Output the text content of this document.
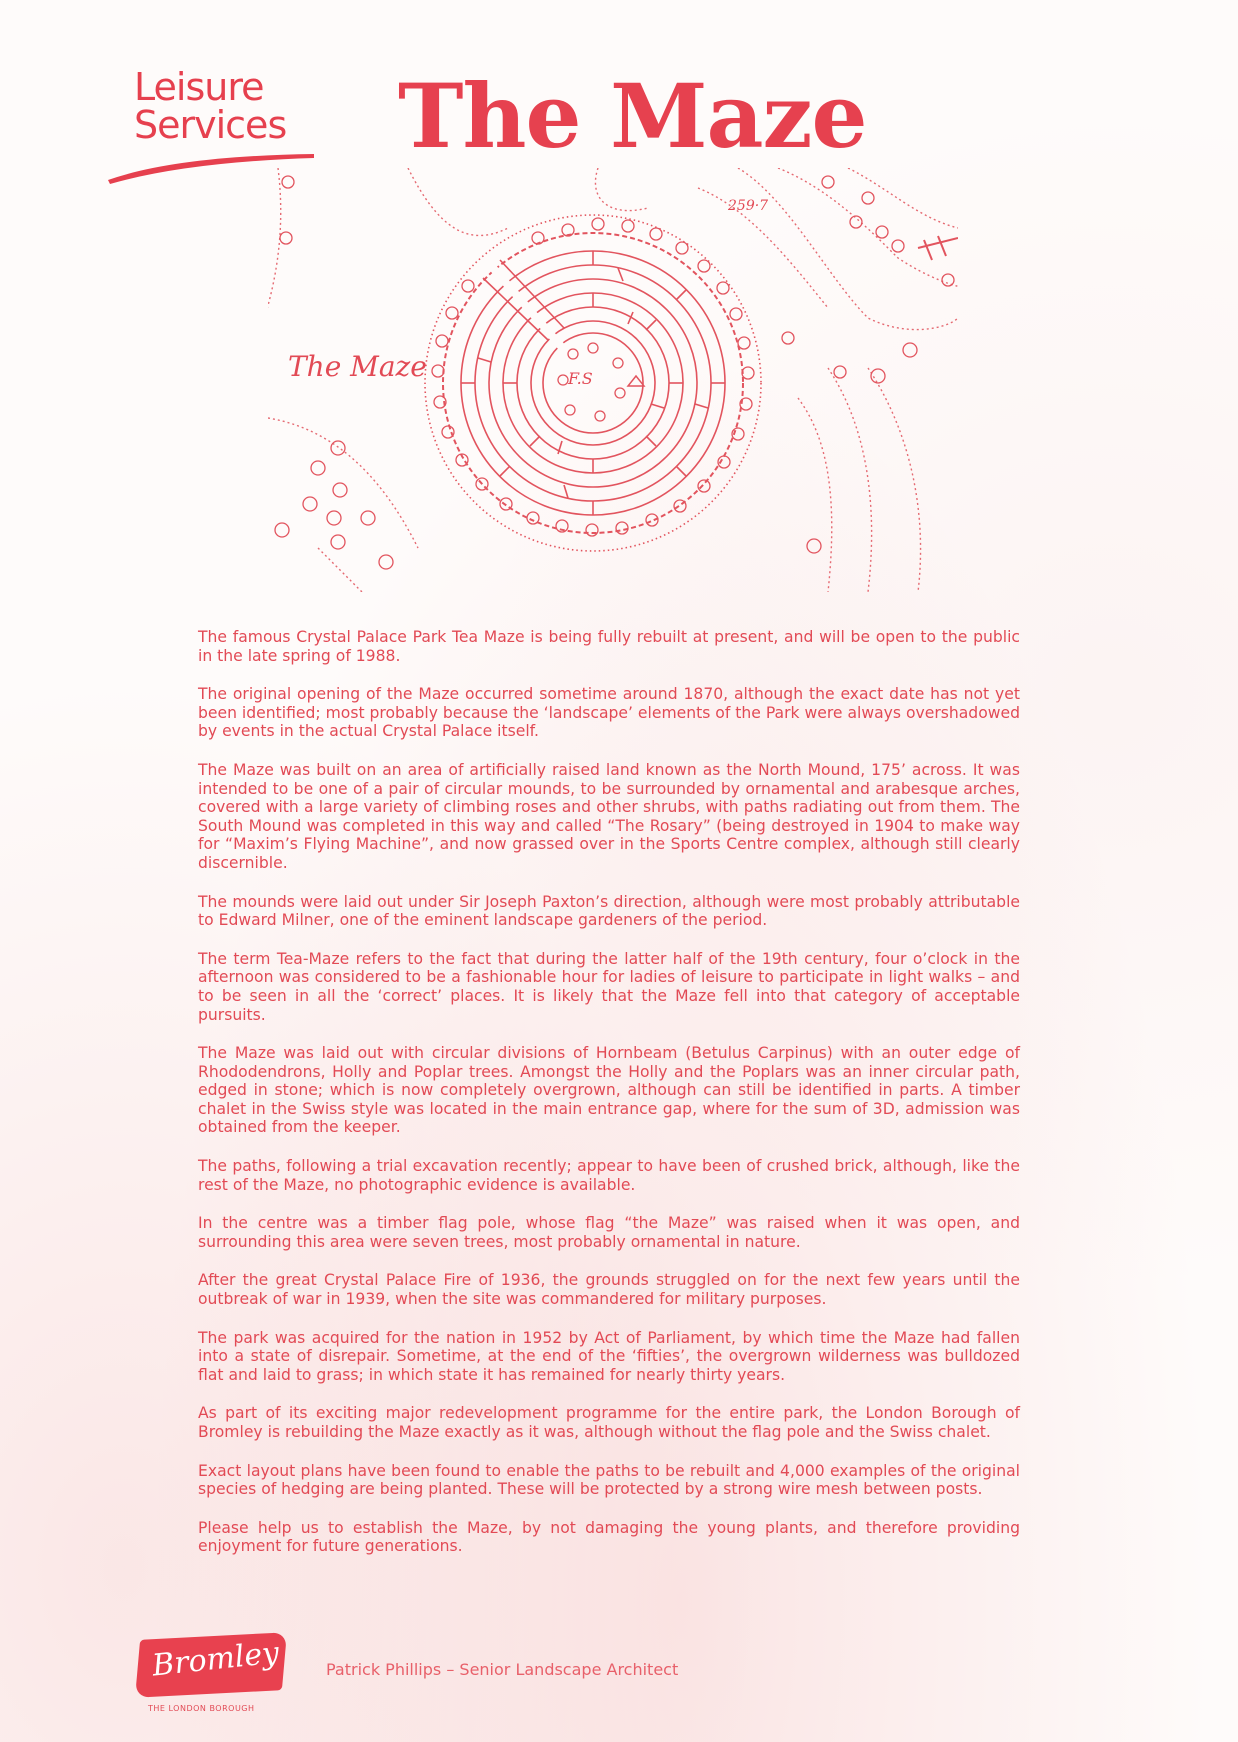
Leisure
Services	The Maze
The Maze	F.S
259·7

The famous Crystal Palace Park Tea Maze is being fully rebuilt at present, and will be open to the public in the late spring of 1988.

The original opening of the Maze occurred sometime around 1870, although the exact date has not yet been identified; most probably because the ‘landscape’ elements of the Park were always overshadowed by events in the actual Crystal Palace itself.

The Maze was built on an area of artificially raised land known as the North Mound, 175’ across. It was intended to be one of a pair of circular mounds, to be surrounded by ornamental and arabesque arches, covered with a large variety of climbing roses and other shrubs, with paths radiating out from them. The South Mound was completed in this way and called “The Rosary” (being destroyed in 1904 to make way for “Maxim’s Flying Machine”, and now grassed over in the Sports Centre complex, although still clearly discernible.

The mounds were laid out under Sir Joseph Paxton’s direction, although were most probably attributable to Edward Milner, one of the eminent landscape gardeners of the period.

The term Tea-Maze refers to the fact that during the latter half of the 19th century, four o’clock in the afternoon was considered to be a fashionable hour for ladies of leisure to participate in light walks – and to be seen in all the ‘correct’ places. It is likely that the Maze fell into that category of acceptable pursuits.

The Maze was laid out with circular divisions of Hornbeam (Betulus Carpinus) with an outer edge of Rhododendrons, Holly and Poplar trees. Amongst the Holly and the Poplars was an inner circular path, edged in stone; which is now completely overgrown, although can still be identified in parts. A timber chalet in the Swiss style was located in the main entrance gap, where for the sum of 3D, admission was obtained from the keeper.

The paths, following a trial excavation recently; appear to have been of crushed brick, although, like the rest of the Maze, no photographic evidence is available.

In the centre was a timber flag pole, whose flag “the Maze” was raised when it was open, and surrounding this area were seven trees, most probably ornamental in nature.

After the great Crystal Palace Fire of 1936, the grounds struggled on for the next few years until the outbreak of war in 1939, when the site was commandered for military purposes.

The park was acquired for the nation in 1952 by Act of Parliament, by which time the Maze had fallen into a state of disrepair. Sometime, at the end of the ‘fifties’, the overgrown wilderness was bulldozed flat and laid to grass; in which state it has remained for nearly thirty years.

As part of its exciting major redevelopment programme for the entire park, the London Borough of Bromley is rebuilding the Maze exactly as it was, although without the flag pole and the Swiss chalet.

Exact layout plans have been found to enable the paths to be rebuilt and 4,000 examples of the original species of hedging are being planted. These will be protected by a strong wire mesh between posts.

Please help us to establish the Maze, by not damaging the young plants, and therefore providing enjoyment for future generations.

Bromley
THE LONDON BOROUGH
Patrick Phillips – Senior Landscape Architect
